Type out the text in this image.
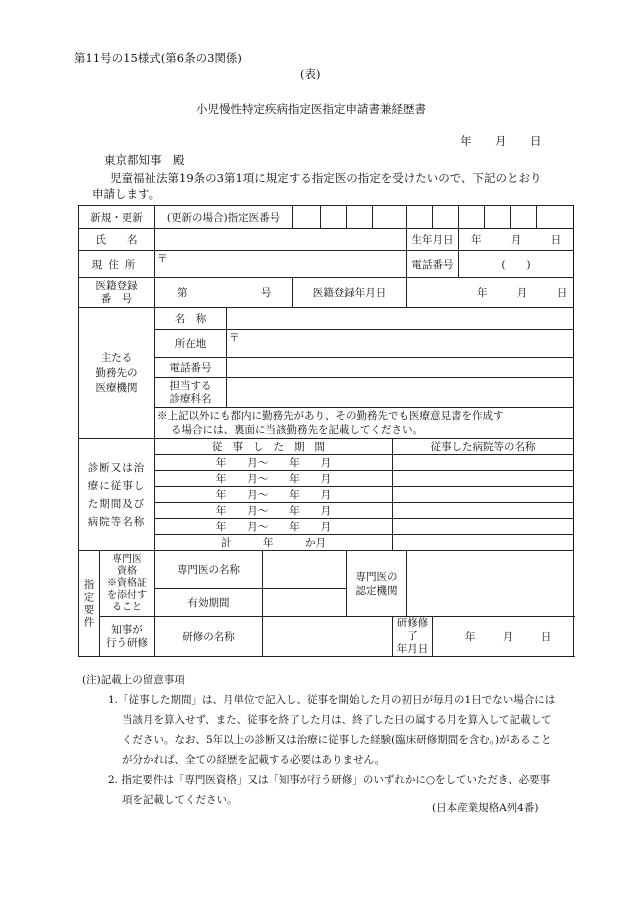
第11号の15様式(第6条の3関係)
(表)
小児慢性特定疾病指定医指定申請書兼経歴書
年 月 日
東京都知事　殿
児童福祉法第19条の3第1項に規定する指定医の指定を受けたいので、下記のとおり
申請します。
新規・更新		(更新の場合)指定医番号													
氏　　名										生年月日		年 月 日			
現住所		〒								電話番号		(　　)			
医籍登録
番　号		第 号			医籍登録年月日					年 月 日					
主たる
勤務先の
医療機関		名　称													
		所在地	〒												
		電話番号													
		担当する
診療科名													
		※上記以外にも都内に勤務先があり、その勤務先でも医療意見書を作成す
る場合には、裏面に当該勤務先を記載してください。													
診断又は治
療に従事し
た期間及び
病院等名称		従事した期間							従事した病院等の名称						
		年　　月〜　　年　　月													
		年　　月〜　　年　　月													
		年　　月〜　　年　　月													
		年　　月〜　　年　　月													
		年　　月〜　　年　　月													
		計　　　年　　　か月													

指定要件	専門医
資格
※資格証
を添付す
ること	専門医の名称					専門医の
認定機関								
		有効期間													
	知事が
行う研修	研修の名称							研修修了
年月日		年 月 日				
(注)記載上の留意事項
1.「従事した期間」は、月単位で記入し、従事を開始した月の初日が毎月の1日でない場合には当該月を算入せず、また、従事を終了した月は、終了した日の属する月を算入して記載してください。なお、5年以上の診断又は治療に従事した経験(臨床研修期間を含む。)があることが分かれば、全ての経歴を記載する必要はありません。
2. 指定要件は「専門医資格」又は「知事が行う研修」のいずれかに○をしていただき、必要事項を記載してください。
(日本産業規格A列4番)
